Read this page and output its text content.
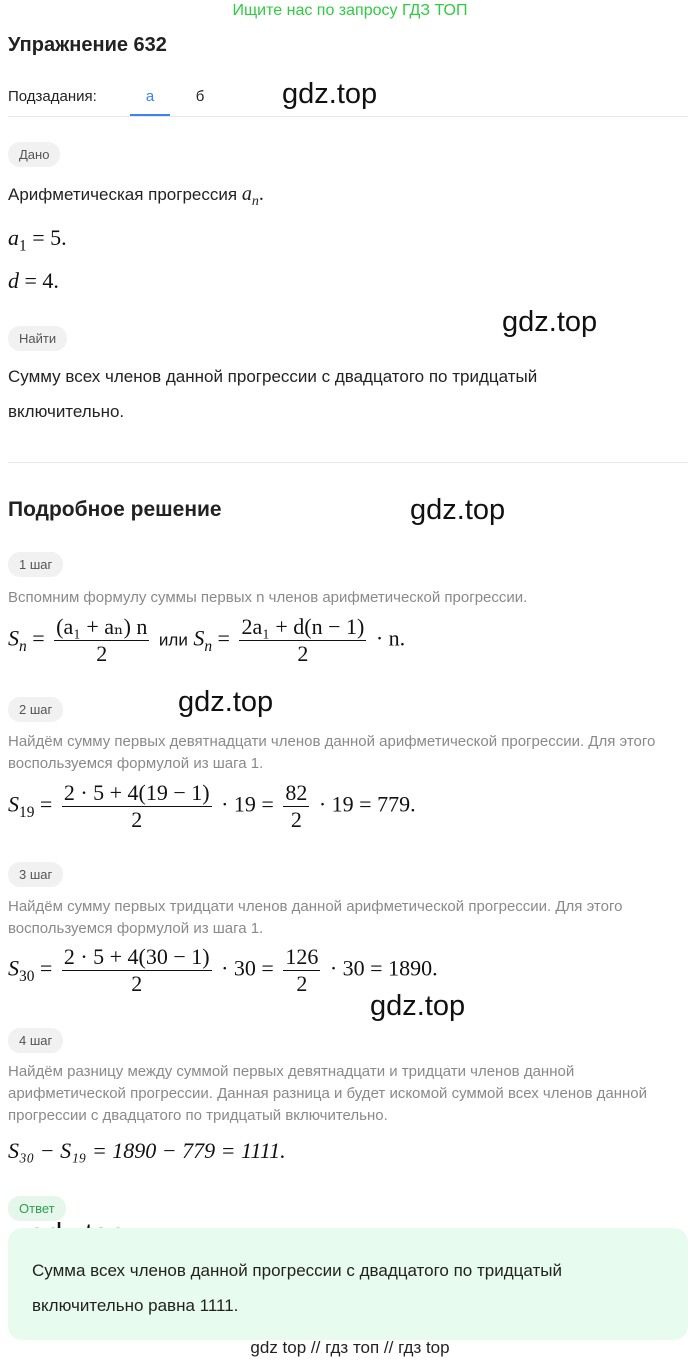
Ищите нас по запросу ГДЗ ТОП
Упражнение 632
Подзадания:	а	б	gdz.top
gdz.top
gdz.top
gdz.top
gdz.top
Дано
Арифметическая прогрессия $a_n$.
$a_1 = 5$.
d = 4.
Найти
Сумму всех членов данной прогрессии с двадцатого по тридцатый
включительно.
Подробное решение
1 шаг
Вспомним формулу суммы первых n членов арифметической прогрессии.
$S_n = \frac{\text{(a₁ + aₙ) n}}{2}$ или $S_n = \frac{\text{2a₁ + d(n − 1)}}{2} \cdot n$.
2 шаг
Найдём сумму первых девятнадцати членов данной арифметической прогрессии. Для этого воспользуемся формулой из шага 1.
$S_{19} = \frac{2 \cdot 5 + 4(19 - 1)}{2} \cdot 19 = \frac{82}{2} \cdot 19 = 779$.
3 шаг
Найдём сумму первых тридцати членов данной арифметической прогрессии. Для этого воспользуемся формулой из шага 1.
$S_{30} = \frac{2 \cdot 5 + 4(30 - 1)}{2} \cdot 30 = \frac{126}{2} \cdot 30 = 1890$.
4 шаг
Найдём разницу между суммой первых девятнадцати и тридцати членов данной арифметической прогрессии. Данная разница и будет искомой суммой всех членов данной прогрессии с двадцатого по тридцатый включительно.
S₃₀ − S₁₉ = 1890 − 779 = 1111.
Ответ
Сумма всех членов данной прогрессии с двадцатого по тридцатый
включительно равна 1111.
gdz top // гдз топ // гдз top
